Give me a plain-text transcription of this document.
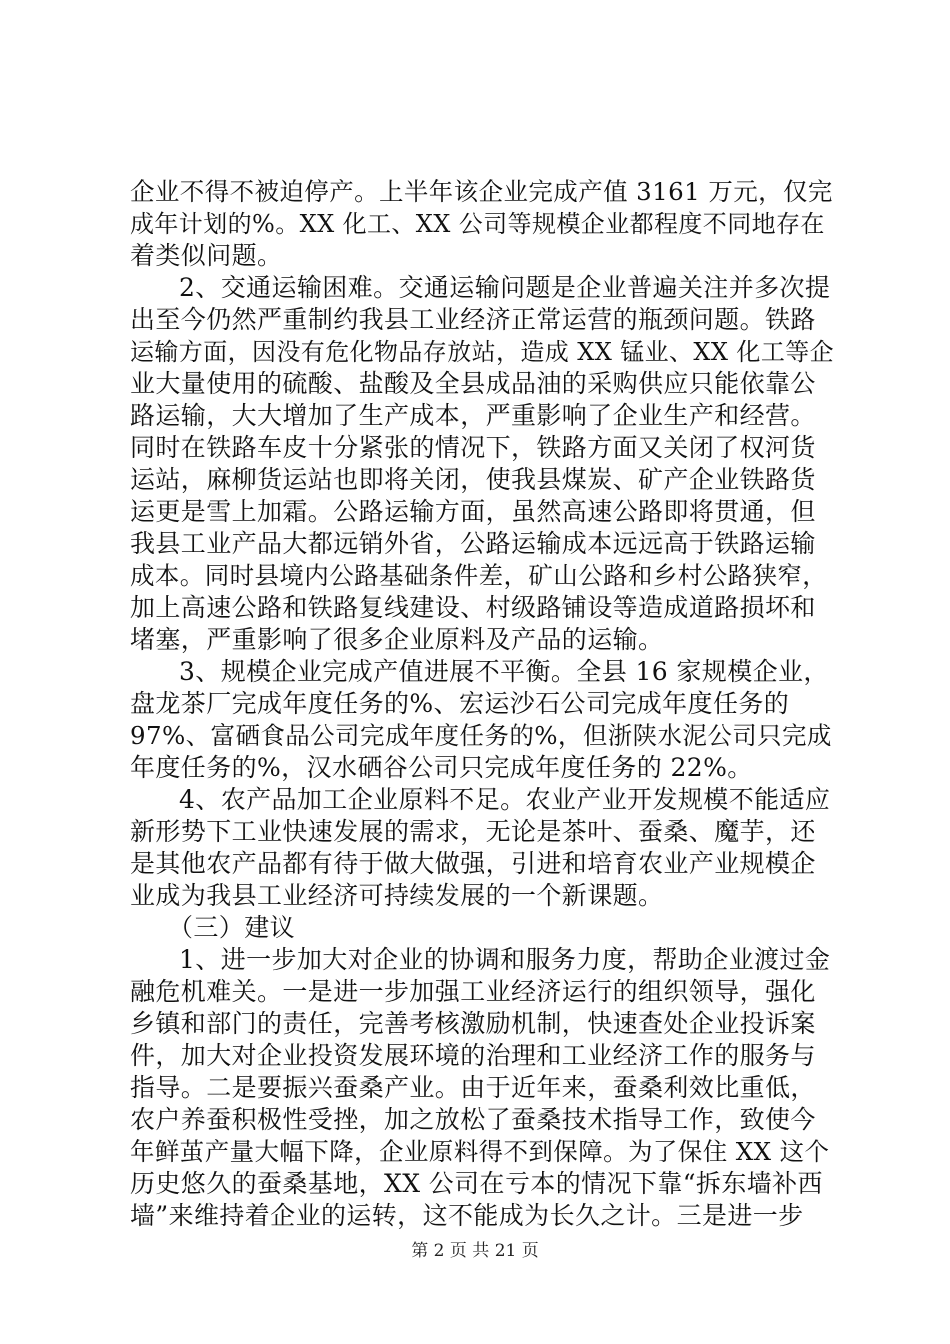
企业不得不被迫停产。上半年该企业完成产值 3161 万元，仅完
成年计划的%。XX 化工、XX 公司等规模企业都程度不同地存在
着类似问题。
2、交通运输困难。交通运输问题是企业普遍关注并多次提
出至今仍然严重制约我县工业经济正常运营的瓶颈问题。铁路
运输方面，因没有危化物品存放站，造成 XX 锰业、XX 化工等企
业大量使用的硫酸、盐酸及全县成品油的采购供应只能依靠公
路运输，大大增加了生产成本，严重影响了企业生产和经营。
同时在铁路车皮十分紧张的情况下，铁路方面又关闭了权河货
运站，麻柳货运站也即将关闭，使我县煤炭、矿产企业铁路货
运更是雪上加霜。公路运输方面，虽然高速公路即将贯通，但
我县工业产品大都远销外省，公路运输成本远远高于铁路运输
成本。同时县境内公路基础条件差，矿山公路和乡村公路狭窄，
加上高速公路和铁路复线建设、村级路铺设等造成道路损坏和
堵塞，严重影响了很多企业原料及产品的运输。
3、规模企业完成产值进展不平衡。全县 16 家规模企业，
盘龙茶厂完成年度任务的%、宏运沙石公司完成年度任务的
97%、富硒食品公司完成年度任务的%，但浙陕水泥公司只完成
年度任务的%，汉水硒谷公司只完成年度任务的 22%。
4、农产品加工企业原料不足。农业产业开发规模不能适应
新形势下工业快速发展的需求，无论是茶叶、蚕桑、魔芋，还
是其他农产品都有待于做大做强，引进和培育农业产业规模企
业成为我县工业经济可持续发展的一个新课题。
（三）建议
1、进一步加大对企业的协调和服务力度，帮助企业渡过金
融危机难关。一是进一步加强工业经济运行的组织领导，强化
乡镇和部门的责任，完善考核激励机制，快速查处企业投诉案
件，加大对企业投资发展环境的治理和工业经济工作的服务与
指导。二是要振兴蚕桑产业。由于近年来，蚕桑利效比重低，
农户养蚕积极性受挫，加之放松了蚕桑技术指导工作，致使今
年鲜茧产量大幅下降，企业原料得不到保障。为了保住 XX 这个
历史悠久的蚕桑基地，XX 公司在亏本的情况下靠“拆东墙补西
墙”来维持着企业的运转，这不能成为长久之计。三是进一步
第 2 页 共 21 页
